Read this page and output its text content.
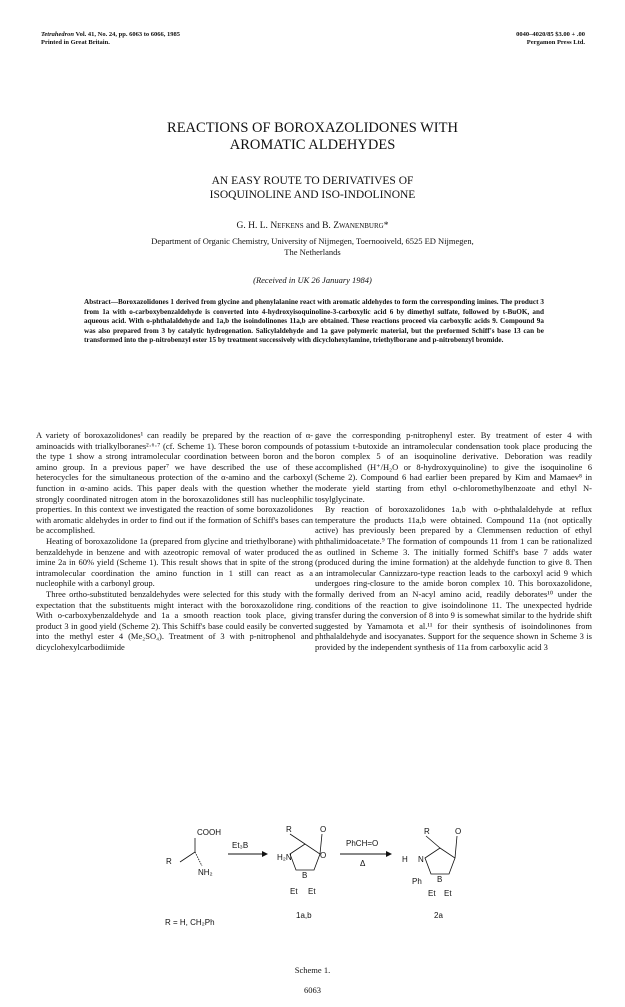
Tetrahedron Vol. 41, No. 24, pp. 6063 to 6066, 1985
Printed in Great Britain.
0040–4020/85 $3.00 + .00
Pergamon Press Ltd.
REACTIONS OF BOROXAZOLIDONES WITH
AROMATIC ALDEHYDES
AN EASY ROUTE TO DERIVATIVES OF
ISOQUINOLINE AND ISO-INDOLINONE
G. H. L. Nefkens and B. Zwanenburg*
Department of Organic Chemistry, University of Nijmegen, Toernooiveld, 6525 ED Nijmegen,
The Netherlands
(Received in UK 26 January 1984)
Abstract—Boroxazolidones 1 derived from glycine and phenylalanine react with aromatic aldehydes to form the corresponding imines. The product 3 from 1a with o-carboxybenzaldehyde is converted into 4-hydroxyisoquinoline-3-carboxylic acid 6 by dimethyl sulfate, followed by t-BuOK, and aqueous acid. With o-phthalaldehyde and 1a,b the isoindolinones 11a,b are obtained. These reactions proceed via carboxylic acids 9. Compound 9a was also prepared from 3 by catalytic hydrogenation. Salicylaldehyde and 1a gave polymeric material, but the preformed Schiff's base 13 can be transformed into the p-nitrobenzyl ester 15 by treatment successively with dicyclohexylamine, triethylborane and p-nitrobenzyl bromide.

A variety of boroxazolidones¹ can readily be prepared by the reaction of α-aminoacids with trialkylboranes²·⁶·⁷ (cf. Scheme 1). These boron compounds of the type 1 show a strong intramolecular coordination between boron and the amino group. In a previous paper⁷ we have described the use of these heterocycles for the simultaneous protection of the α-amino and the carboxyl function in α-amino acids. This paper deals with the question whether the strongly coordinated nitrogen atom in the boroxazolidones still has nucleophilic properties. In this context we investigated the reaction of some boroxazolidones with aromatic aldehydes in order to find out if the formation of Schiff's bases can be accomplished.

Heating of boroxazolidone 1a (prepared from glycine and triethylborane) with benzaldehyde in benzene and with azeotropic removal of water produced the imine 2a in 60% yield (Scheme 1). This result shows that in spite of the strong intramolecular coordination the amino function in 1 still can react as a nucleophile with a carbonyl group.

Three ortho-substituted benzaldehydes were selected for this study with the expectation that the substituents might interact with the boroxazolidone ring. With o-carboxybenzaldehyde and 1a a smooth reaction took place, giving product 3 in good yield (Scheme 2). This Schiff's base could easily be converted into the methyl ester 4 (Me₂SO₄). Treatment of 3 with p-nitrophenol and dicyclohexylcarbodiimide

gave the corresponding p-nitrophenyl ester. By treatment of ester 4 with potassium t-butoxide an intramolecular condensation took place producing the boron complex 5 of an isoquinoline derivative. Deboration was readily accomplished (H⁺/H₂O or 8-hydroxyquinoline) to give the isoquinoline 6 (Scheme 2). Compound 6 had earlier been prepared by Kim and Mamaev⁸ in moderate yield starting from ethyl o-chloromethylbenzoate and ethyl N-tosylglycinate.

By reaction of boroxazolidones 1a,b with o-phthalaldehyde at reflux temperature the products 11a,b were obtained. Compound 11a (not optically active) has previously been prepared by a Clemmensen reduction of ethyl phthalimidoacetate.⁹ The formation of compounds 11 from 1 can be rationalized as outlined in Scheme 3. The initially formed Schiff's base 7 adds water (produced during the imine formation) at the aldehyde function to give 8. Then an intramolecular Cannizzaro-type reaction leads to the carboxyl acid 9 which undergoes ring-closure to the amide boron complex 10. This boroxazolidone, formally derived from an N-acyl amino acid, readily deborates¹⁰ under the conditions of the reaction to give isoindolinone 11. The unexpected hydride transfer during the conversion of 8 into 9 is somewhat similar to the hydride shift suggested by Yamamota et al.¹¹ for their synthesis of isoindolinones from phthalaldehyde and isocyanates. Support for the sequence shown in Scheme 3 is provided by the independent synthesis of 11a from carboxylic acid 3

COOH
R
NH₂
R = H, CH₂Ph
Et₃B
R	O
H₂N	O
B
Et Et
1a,b
PhCH=O
Δ
R	O
H N
B
Ph
Et Et
2a
Scheme 1.
6063
